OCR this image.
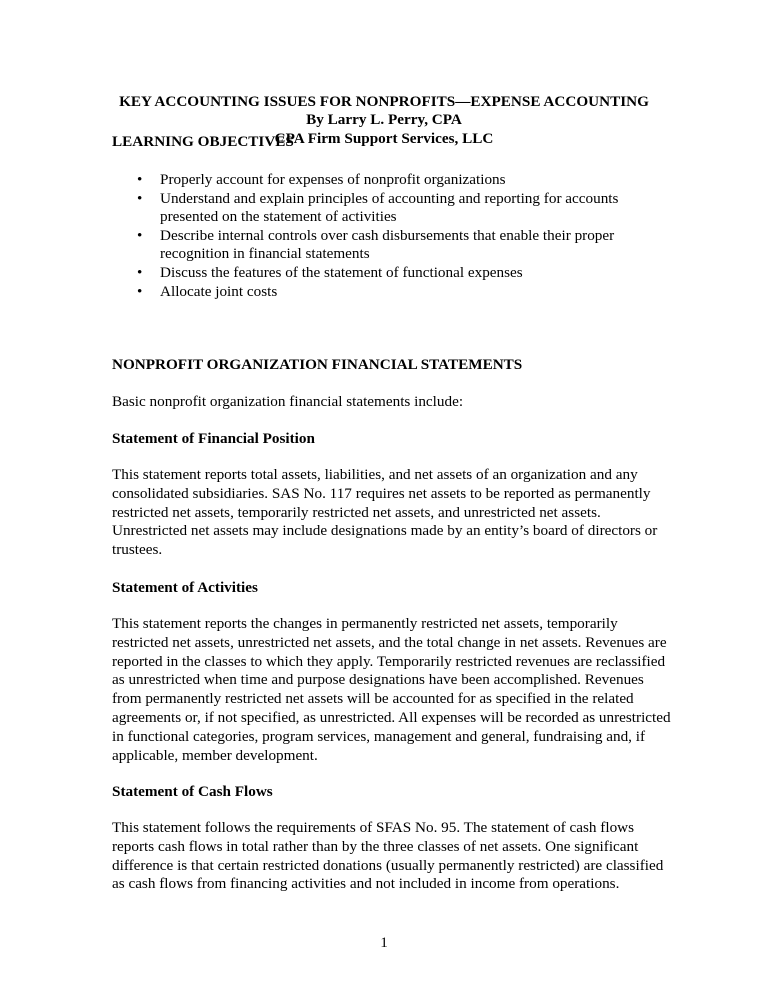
KEY ACCOUNTING ISSUES FOR NONPROFITS—EXPENSE ACCOUNTING
By Larry L. Perry, CPA
CPA Firm Support Services, LLC
LEARNING OBJECTIVES
• Properly account for expenses of nonprofit organizations
• Understand and explain principles of accounting and reporting for accounts presented on the statement of activities
• Describe internal controls over cash disbursements that enable their proper recognition in financial statements
• Discuss the features of the statement of functional expenses
• Allocate joint costs
NONPROFIT ORGANIZATION FINANCIAL STATEMENTS

Basic nonprofit organization financial statements include:

Statement of Financial Position

This statement reports total assets, liabilities, and net assets of an organization and any consolidated subsidiaries. SAS No. 117 requires net assets to be reported as permanently restricted net assets, temporarily restricted net assets, and unrestricted net assets. Unrestricted net assets may include designations made by an entity’s board of directors or trustees.

Statement of Activities

This statement reports the changes in permanently restricted net assets, temporarily restricted net assets, unrestricted net assets, and the total change in net assets. Revenues are reported in the classes to which they apply. Temporarily restricted revenues are reclassified as unrestricted when time and purpose designations have been accomplished. Revenues from permanently restricted net assets will be accounted for as specified in the related agreements or, if not specified, as unrestricted. All expenses will be recorded as unrestricted in functional categories, program services, management and general, fundraising and, if applicable, member development.

Statement of Cash Flows

This statement follows the requirements of SFAS No. 95. The statement of cash flows reports cash flows in total rather than by the three classes of net assets. One significant difference is that certain restricted donations (usually permanently restricted) are classified as cash flows from financing activities and not included in income from operations.

1
